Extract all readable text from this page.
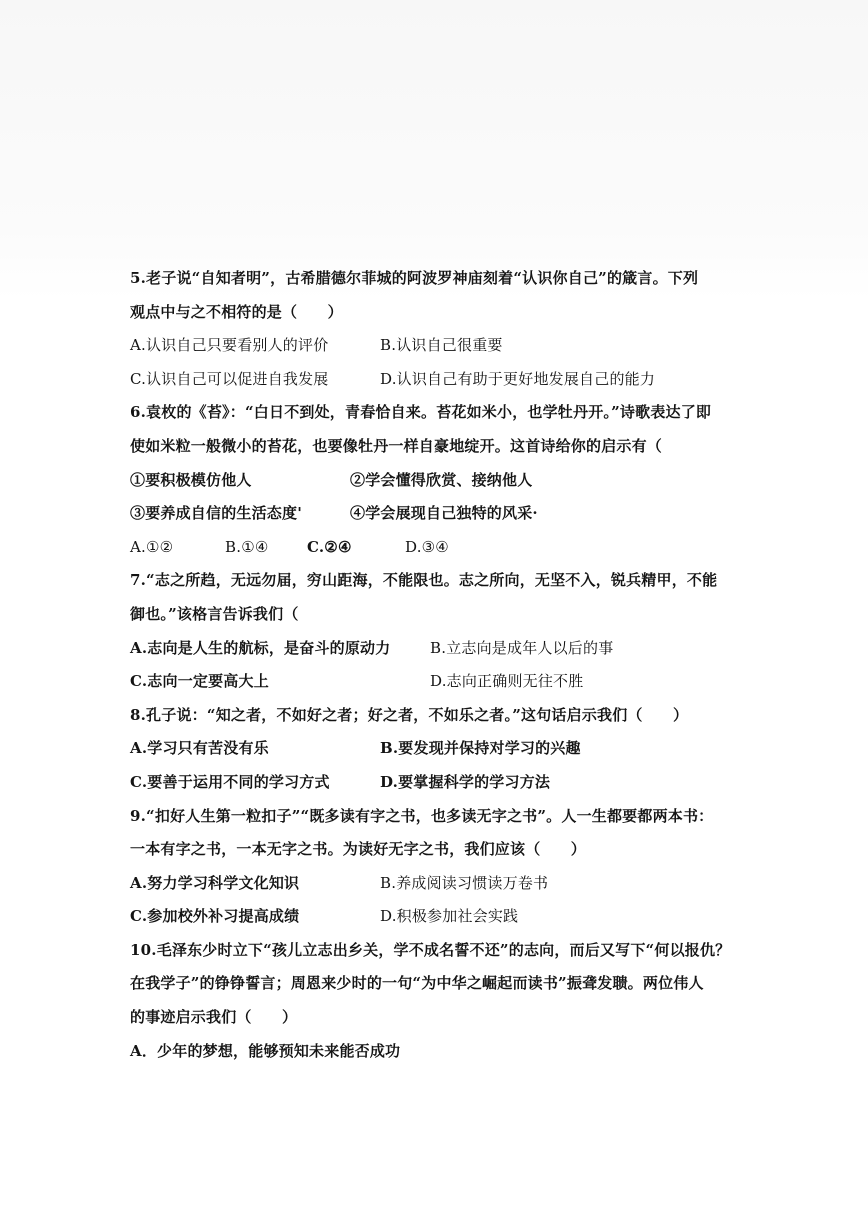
5.老子说“自知者明”，古希腊德尔菲城的阿波罗神庙刻着“认识你自己”的箴言。下列
观点中与之不相符的是（　　）
A.认识自己只要看别人的评价	B.认识自己很重要
C.认识自己可以促进自我发展	D.认识自己有助于更好地发展自己的能力
6.袁枚的《苔》：“白日不到处，青春恰自来。苔花如米小，也学牡丹开。”诗歌表达了即
使如米粒一般微小的苔花，也要像牡丹一样自豪地绽开。这首诗给你的启示有（
①要积极模仿他人	②学会懂得欣赏、接纳他人
③要养成自信的生活态度'	④学会展现自己独特的风采·
A.①②	B.①④	C.②④	D.③④
7.“志之所趋，无远勿届，穷山距海，不能限也。志之所向，无坚不入，锐兵精甲，不能
御也。”该格言告诉我们（
A.志向是人生的航标，是奋斗的原动力	B.立志向是成年人以后的事
C.志向一定要高大上	D.志向正确则无往不胜
8.孔子说：“知之者，不如好之者；好之者，不如乐之者。”这句话启示我们（　　）
A.学习只有苦没有乐	B.要发现并保持对学习的兴趣
C.要善于运用不同的学习方式	D.要掌握科学的学习方法
9.“扣好人生第一粒扣子”“既多读有字之书，也多读无字之书”。人一生都要都两本书：
一本有字之书，一本无字之书。为读好无字之书，我们应该（　　）
A.努力学习科学文化知识	B.养成阅读习惯读万卷书
C.参加校外补习提高成绩	D.积极参加社会实践
10.毛泽东少时立下“孩儿立志出乡关，学不成名誓不还”的志向，而后又写下“何以报仇？
在我学子”的铮铮誓言；周恩来少时的一句“为中华之崛起而读书”振聋发聩。两位伟人
的事迹启示我们（　　）
A．少年的梦想，能够预知未来能否成功
